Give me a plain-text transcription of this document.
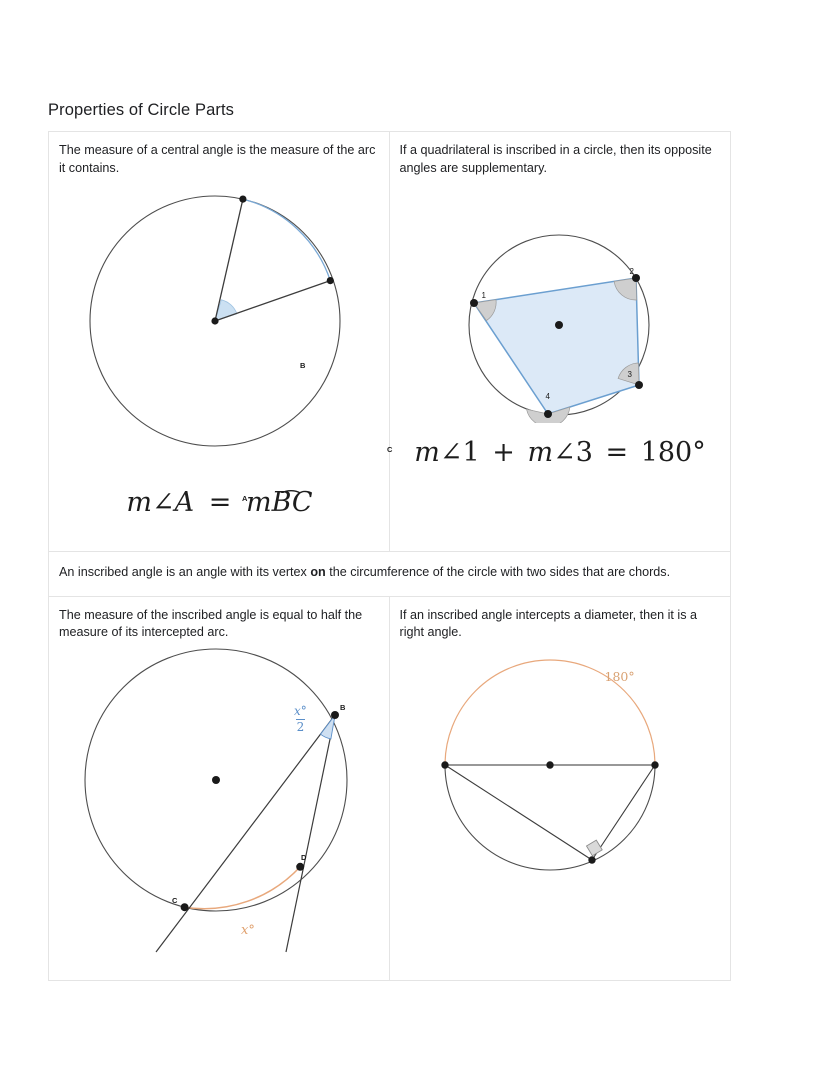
Properties of Circle Parts
The measure of a central angle is the measure of the arc it contains.
A
B
C
m∠A = m
BC
If a quadrilateral is inscribed in a circle, then its opposite angles are supplementary.
1
2
3
4
m∠1 + m∠3 = 180°
An inscribed angle is an angle with its vertex on the circumference of the circle with two sides that are chords.
The measure of the inscribed angle is equal to half the measure of its intercepted arc.
B
C
D
x°
2
x°
If an inscribed angle intercepts a diameter, then it is a right angle.
180°
